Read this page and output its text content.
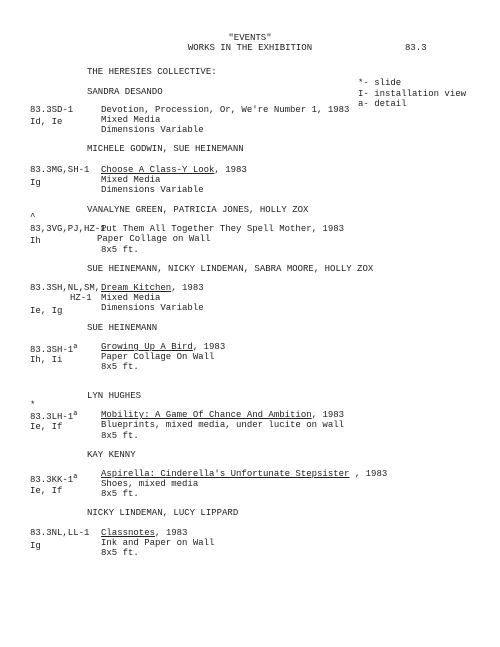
"EVENTS"
WORKS IN THE EXHIBITION	83.3
*- slide
I- installation view
a- detail
THE HERESIES COLLECTIVE:
SANDRA DESANDO
83.3SD-1
Id, Ie
Devotion, Procession, Or, We're Number 1, 1983
Mixed Media
Dimensions Variable
MICHELE GODWIN, SUE HEINEMANN
83.3MG,SH-1
Ig
Choose A Class-Y Look, 1983
Mixed Media
Dimensions Variable
VANALYNE GREEN, PATRICIA JONES, HOLLY ZOX
^
83,3VG,PJ,HZ-1
Ih
Put Them All Together They Spell Mother, 1983
Paper Collage on Wall
8x5 ft.
SUE HEINEMANN, NICKY LINDEMAN, SABRA MOORE, HOLLY ZOX
83.3SH,NL,SM,
HZ-1
Ie, Ig
Dream Kitchen, 1983
Mixed Media
Dimensions Variable
SUE HEINEMANN
83.3SH-1$^a$
Ih, Ii
Growing Up A Bird, 1983
Paper Collage On Wall
8x5 ft.
LYN HUGHES
*
83.3LH-1$^a$
Ie, If
Mobility: A Game Of Chance And Ambition, 1983
Blueprints, mixed media, under lucite on wall
8x5 ft.
KAY KENNY
83.3KK-1$^a$
Ie, If
Aspirella: Cinderella's Unfortunate Stepsister , 1983
Shoes, mixed media
8x5 ft.
NICKY LINDEMAN, LUCY LIPPARD
83.3NL,LL-1
Ig
Classnotes, 1983
Ink and Paper on Wall
8x5 ft.
